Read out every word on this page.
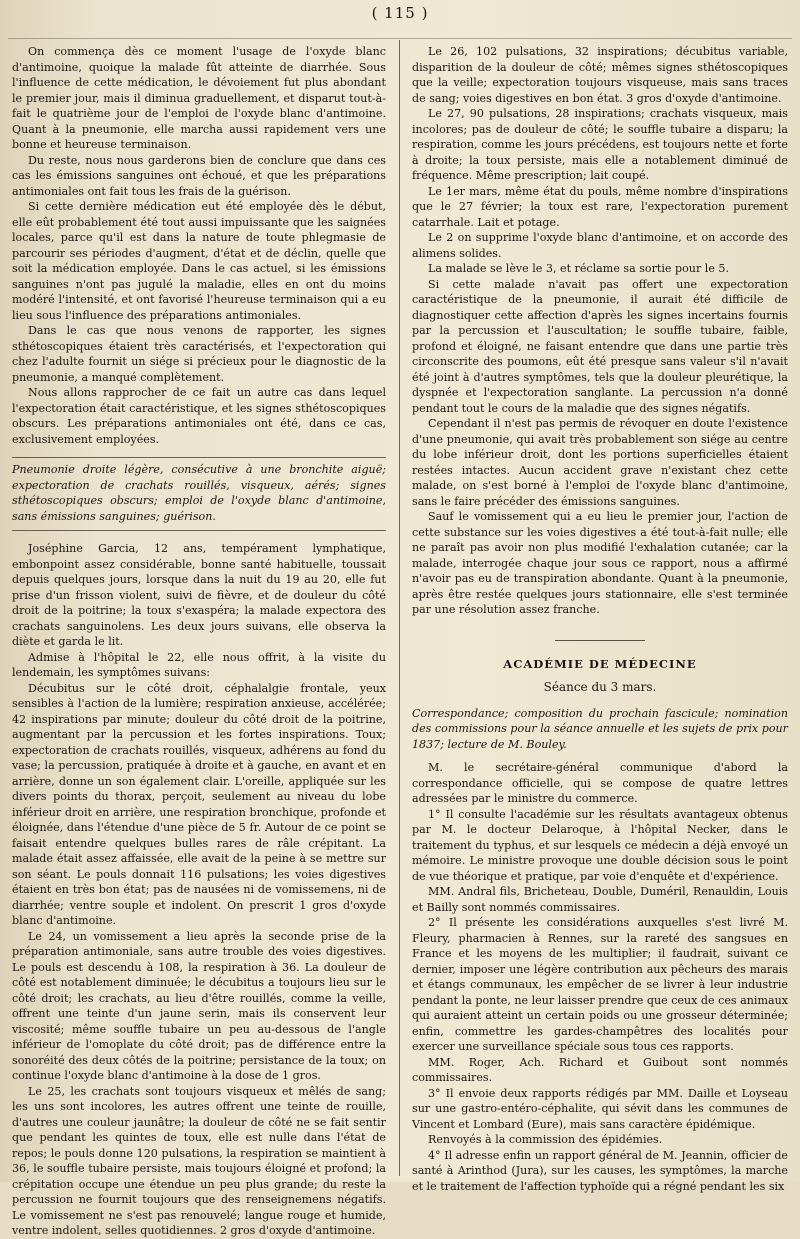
( 115 )

On commença dès ce moment l'usage de l'oxyde blanc d'antimoine, quoique la malade fût atteinte de diarrhée. Sous l'influence de cette médication, le dévoiement fut plus abondant le premier jour, mais il diminua graduellement, et disparut tout-à-fait le quatrième jour de l'emploi de l'oxyde blanc d'antimoine. Quant à la pneumonie, elle marcha aussi rapidement vers une bonne et heureuse terminaison.

Du reste, nous nous garderons bien de conclure que dans ces cas les émissions sanguines ont échoué, et que les préparations antimoniales ont fait tous les frais de la guérison.

Si cette dernière médication eut été employée dès le début, elle eût probablement été tout aussi impuissante que les saignées locales, parce qu'il est dans la nature de toute phlegmasie de parcourir ses périodes d'augment, d'état et de déclin, quelle que soit la médication employée. Dans le cas actuel, si les émissions sanguines n'ont pas jugulé la maladie, elles en ont du moins modéré l'intensité, et ont favorisé l'heureuse terminaison qui a eu lieu sous l'influence des préparations antimoniales.

Dans le cas que nous venons de rapporter, les signes sthétoscopiques étaient très caractérisés, et l'expectoration qui chez l'adulte fournit un siége si précieux pour le diagnostic de la pneumonie, a manqué complètement.

Nous allons rapprocher de ce fait un autre cas dans lequel l'expectoration était caractéristique, et les signes sthétoscopiques obscurs. Les préparations antimoniales ont été, dans ce cas, exclusivement employées.

Pneumonie droite légère, consécutive à une bronchite aiguë; expectoration de crachats rouillés, visqueux, aérés; signes sthétoscopiques obscurs; emploi de l'oxyde blanc d'antimoine, sans émissions sanguines; guérison.

Joséphine Garcia, 12 ans, tempérament lymphatique, embonpoint assez considérable, bonne santé habituelle, toussait depuis quelques jours, lorsque dans la nuit du 19 au 20, elle fut prise d'un frisson violent, suivi de fièvre, et de douleur du côté droit de la poitrine; la toux s'exaspéra; la malade expectora des crachats sanguinolens. Les deux jours suivans, elle observa la diète et garda le lit.

Admise à l'hôpital le 22, elle nous offrit, à la visite du lendemain, les symptômes suivans:

Décubitus sur le côté droit, céphalalgie frontale, yeux sensibles à l'action de la lumière; respiration anxieuse, accélérée; 42 inspirations par minute; douleur du côté droit de la poitrine, augmentant par la percussion et les fortes inspirations. Toux; expectoration de crachats rouillés, visqueux, adhérens au fond du vase; la percussion, pratiquée à droite et à gauche, en avant et en arrière, donne un son également clair. L'oreille, appliquée sur les divers points du thorax, perçoit, seulement au niveau du lobe inférieur droit en arrière, une respiration bronchique, profonde et éloignée, dans l'étendue d'une pièce de 5 fr. Autour de ce point se faisait entendre quelques bulles rares de râle crépitant. La malade était assez affaissée, elle avait de la peine à se mettre sur son séant. Le pouls donnait 116 pulsations; les voies digestives étaient en très bon état; pas de nausées ni de vomissemens, ni de diarrhée; ventre souple et indolent. On prescrit 1 gros d'oxyde blanc d'antimoine.

Le 24, un vomissement a lieu après la seconde prise de la préparation antimoniale, sans autre trouble des voies digestives. Le pouls est descendu à 108, la respiration à 36. La douleur de côté est notablement diminuée; le décubitus a toujours lieu sur le côté droit; les crachats, au lieu d'être rouillés, comme la veille, offrent une teinte d'un jaune serin, mais ils conservent leur viscosité; même souffle tubaire un peu au-dessous de l'angle inférieur de l'omoplate du côté droit; pas de différence entre la sonoréité des deux côtés de la poitrine; persistance de la toux; on continue l'oxyde blanc d'antimoine à la dose de 1 gros.

Le 25, les crachats sont toujours visqueux et mêlés de sang; les uns sont incolores, les autres offrent une teinte de rouille, d'autres une couleur jaunâtre; la douleur de côté ne se fait sentir que pendant les quintes de toux, elle est nulle dans l'état de repos; le pouls donne 120 pulsations, la respiration se maintient à 36, le souffle tubaire persiste, mais toujours éloigné et profond; la crépitation occupe une étendue un peu plus grande; du reste la percussion ne fournit toujours que des renseignemens négatifs. Le vomissement ne s'est pas renouvelé; langue rouge et humide, ventre indolent, selles quotidiennes. 2 gros d'oxyde d'antimoine.

Le 26, 102 pulsations, 32 inspirations; décubitus variable, disparition de la douleur de côté; mêmes signes sthétoscopiques que la veille; expectoration toujours visqueuse, mais sans traces de sang; voies digestives en bon état. 3 gros d'oxyde d'antimoine.

Le 27, 90 pulsations, 28 inspirations; crachats visqueux, mais incolores; pas de douleur de côté; le souffle tubaire a disparu; la respiration, comme les jours précédens, est toujours nette et forte à droite; la toux persiste, mais elle a notablement diminué de fréquence. Même prescription; lait coupé.

Le 1er mars, même état du pouls, même nombre d'inspirations que le 27 février; la toux est rare, l'expectoration purement catarrhale. Lait et potage.

Le 2 on supprime l'oxyde blanc d'antimoine, et on accorde des alimens solides.

La malade se lève le 3, et réclame sa sortie pour le 5.

Si cette malade n'avait pas offert une expectoration caractéristique de la pneumonie, il aurait été difficile de diagnostiquer cette affection d'après les signes incertains fournis par la percussion et l'auscultation; le souffle tubaire, faible, profond et éloigné, ne faisant entendre que dans une partie très circonscrite des poumons, eût été presque sans valeur s'il n'avait été joint à d'autres symptômes, tels que la douleur pleurétique, la dyspnée et l'expectoration sanglante. La percussion n'a donné pendant tout le cours de la maladie que des signes négatifs.

Cependant il n'est pas permis de révoquer en doute l'existence d'une pneumonie, qui avait très probablement son siége au centre du lobe inférieur droit, dont les portions superficielles étaient restées intactes. Aucun accident grave n'existant chez cette malade, on s'est borné à l'emploi de l'oxyde blanc d'antimoine, sans le faire précéder des émissions sanguines.

Sauf le vomissement qui a eu lieu le premier jour, l'action de cette substance sur les voies digestives a été tout-à-fait nulle; elle ne paraît pas avoir non plus modifié l'exhalation cutanée; car la malade, interrogée chaque jour sous ce rapport, nous a affirmé n'avoir pas eu de transpiration abondante. Quant à la pneumonie, après être restée quelques jours stationnaire, elle s'est terminée par une résolution assez franche.

ACADÉMIE DE MÉDECINE

Séance du 3 mars.

Correspondance; composition du prochain fascicule; nomination des commissions pour la séance annuelle et les sujets de prix pour 1837; lecture de M. Bouley.

M. le secrétaire-général communique d'abord la correspondance officielle, qui se compose de quatre lettres adressées par le ministre du commerce.

1° Il consulte l'académie sur les résultats avantageux obtenus par M. le docteur Delaroque, à l'hôpital Necker, dans le traitement du typhus, et sur lesquels ce médecin a déjà envoyé un mémoire. Le ministre provoque une double décision sous le point de vue théorique et pratique, par voie d'enquête et d'expérience.

MM. Andral fils, Bricheteau, Double, Duméril, Renauldin, Louis et Bailly sont nommés commissaires.

2° Il présente les considérations auxquelles s'est livré M. Fleury, pharmacien à Rennes, sur la rareté des sangsues en France et les moyens de les multiplier; il faudrait, suivant ce dernier, imposer une légère contribution aux pêcheurs des marais et étangs communaux, les empêcher de se livrer à leur industrie pendant la ponte, ne leur laisser prendre que ceux de ces animaux qui auraient atteint un certain poids ou une grosseur déterminée; enfin, commettre les gardes-champêtres des localités pour exercer une surveillance spéciale sous tous ces rapports.

MM. Roger, Ach. Richard et Guibout sont nommés commissaires.

3° Il envoie deux rapports rédigés par MM. Daille et Loyseau sur une gastro-entéro-céphalite, qui sévit dans les communes de Vincent et Lombard (Eure), mais sans caractère épidémique.

Renvoyés à la commission des épidémies.

4° Il adresse enfin un rapport général de M. Jeannin, officier de santé à Arinthod (Jura), sur les causes, les symptômes, la marche et le traitement de l'affection typhoïde qui a régné pendant les six
